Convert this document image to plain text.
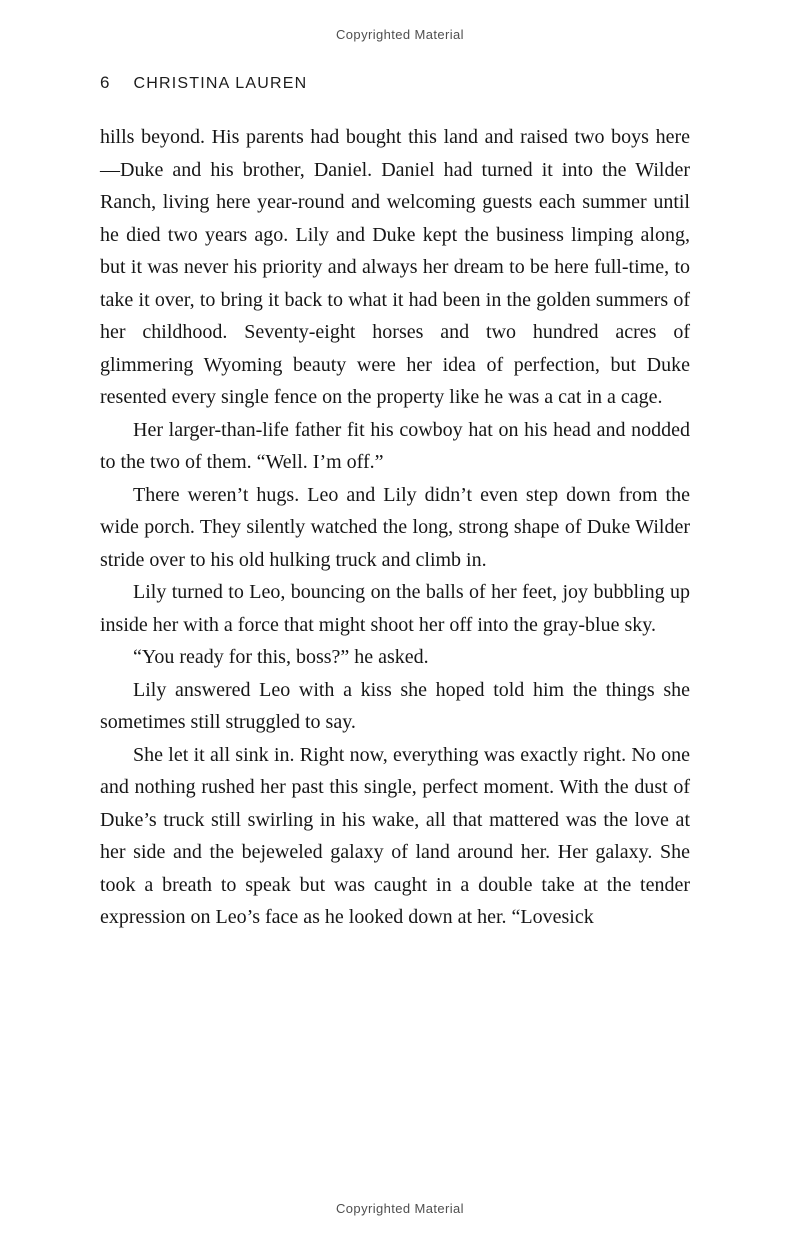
Copyrighted Material
6 CHRISTINA LAUREN

hills beyond. His parents had bought this land and raised two boys here—Duke and his brother, Daniel. Daniel had turned it into the Wilder Ranch, living here year-round and welcoming guests each summer until he died two years ago. Lily and Duke kept the business limping along, but it was never his priority and always her dream to be here full-time, to take it over, to bring it back to what it had been in the golden summers of her childhood. Seventy-eight horses and two hundred acres of glimmering Wyoming beauty were her idea of perfection, but Duke resented every single fence on the property like he was a cat in a cage.

Her larger-than-life father fit his cowboy hat on his head and nodded to the two of them. “Well. I’m off.”

There weren’t hugs. Leo and Lily didn’t even step down from the wide porch. They silently watched the long, strong shape of Duke Wilder stride over to his old hulking truck and climb in.

Lily turned to Leo, bouncing on the balls of her feet, joy bubbling up inside her with a force that might shoot her off into the gray-blue sky.

“You ready for this, boss?” he asked.

Lily answered Leo with a kiss she hoped told him the things she sometimes still struggled to say.

She let it all sink in. Right now, everything was exactly right. No one and nothing rushed her past this single, perfect moment. With the dust of Duke’s truck still swirling in his wake, all that mattered was the love at her side and the bejeweled galaxy of land around her. Her galaxy. She took a breath to speak but was caught in a double take at the tender expression on Leo’s face as he looked down at her. “Lovesick

Copyrighted Material
